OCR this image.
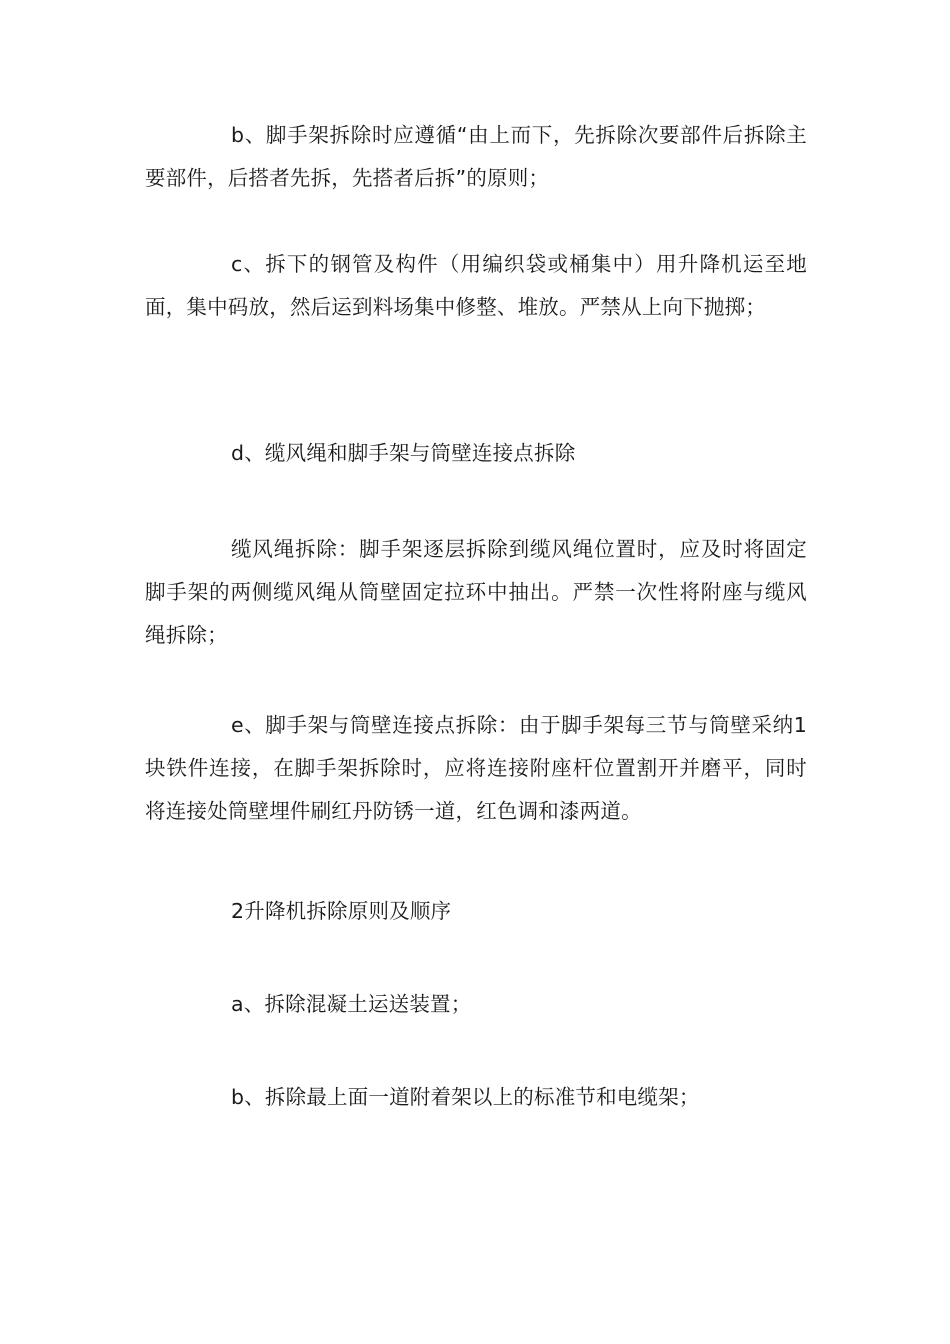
b、脚手架拆除时应遵循“由上而下，先拆除次要部件后拆除主要部件，后搭者先拆，先搭者后拆”的原则；

c、拆下的钢管及构件（用编织袋或桶集中）用升降机运至地面，集中码放，然后运到料场集中修整、堆放。严禁从上向下抛掷；

d、缆风绳和脚手架与筒壁连接点拆除

缆风绳拆除：脚手架逐层拆除到缆风绳位置时，应及时将固定脚手架的两侧缆风绳从筒壁固定拉环中抽出。严禁一次性将附座与缆风绳拆除；

e、脚手架与筒壁连接点拆除：由于脚手架每三节与筒壁采纳1块铁件连接，在脚手架拆除时，应将连接附座杆位置割开并磨平，同时将连接处筒壁埋件刷红丹防锈一道，红色调和漆两道。

2升降机拆除原则及顺序

a、拆除混凝土运送装置；

b、拆除最上面一道附着架以上的标准节和电缆架；
